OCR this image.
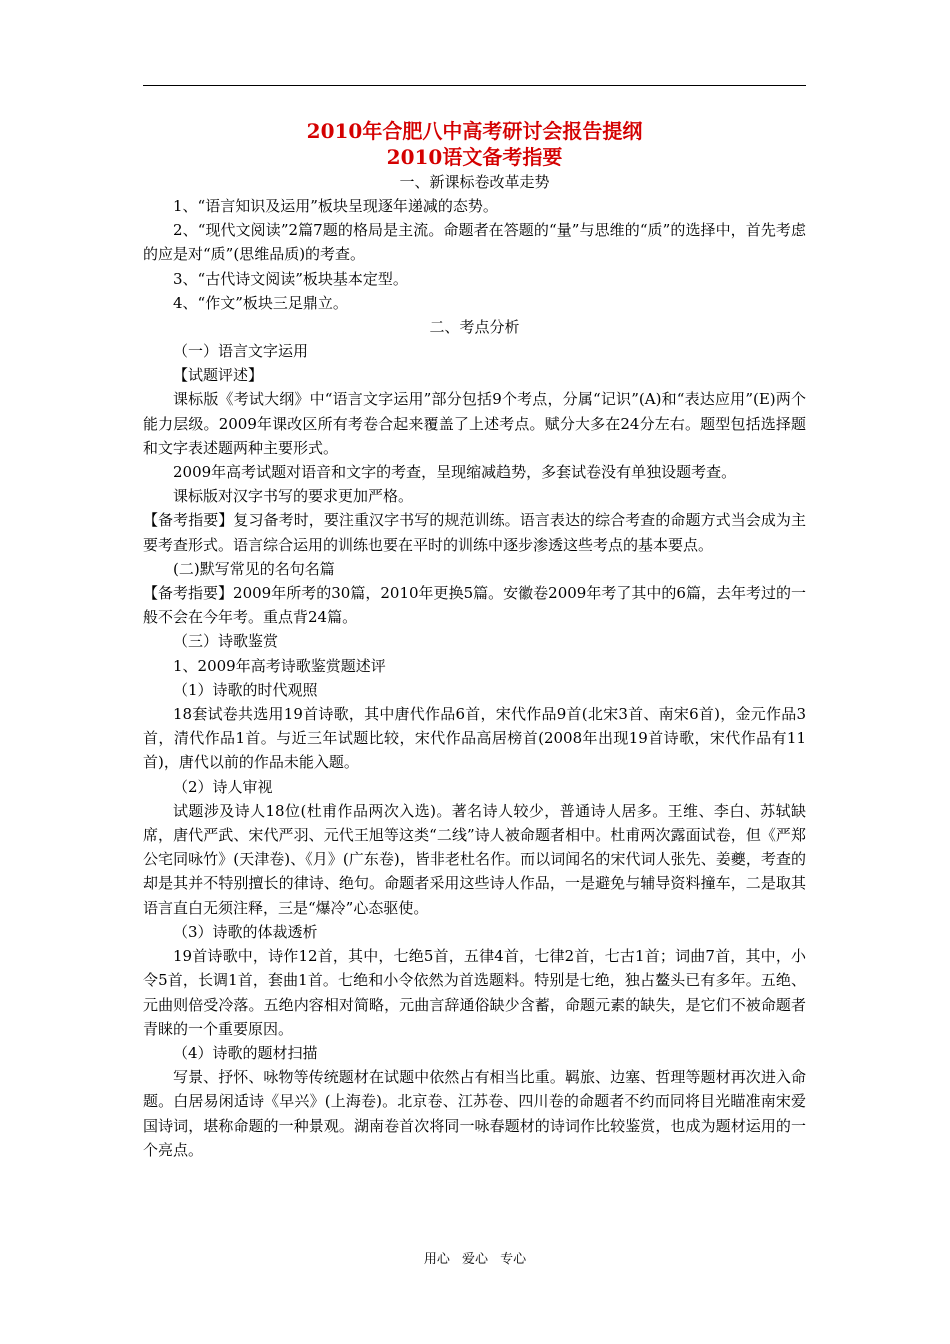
2010年合肥八中高考研讨会报告提纲

2010语文备考指要

一、新课标卷改革走势

1、“语言知识及运用”板块呈现逐年递减的态势。

2、“现代文阅读”2篇7题的格局是主流。命题者在答题的“量”与思维的“质”的选择中，首先考虑的应是对“质”(思维品质)的考查。

3、“古代诗文阅读”板块基本定型。

4、“作文”板块三足鼎立。

二、考点分析

（一）语言文字运用

【试题评述】

课标版《考试大纲》中“语言文字运用”部分包括9个考点，分属“记识”(A)和“表达应用”(E)两个能力层级。2009年课改区所有考卷合起来覆盖了上述考点。赋分大多在24分左右。题型包括选择题和文字表述题两种主要形式。

2009年高考试题对语音和文字的考查，呈现缩减趋势，多套试卷没有单独设题考查。

课标版对汉字书写的要求更加严格。

【备考指要】复习备考时，要注重汉字书写的规范训练。语言表达的综合考查的命题方式当会成为主要考查形式。语言综合运用的训练也要在平时的训练中逐步渗透这些考点的基本要点。

(二)默写常见的名句名篇

【备考指要】2009年所考的30篇，2010年更换5篇。安徽卷2009年考了其中的6篇，去年考过的一般不会在今年考。重点背24篇。

（三）诗歌鉴赏

1、2009年高考诗歌鉴赏题述评

（1）诗歌的时代观照

18套试卷共选用19首诗歌，其中唐代作品6首，宋代作品9首(北宋3首、南宋6首)，金元作品3首，清代作品1首。与近三年试题比较，宋代作品高居榜首(2008年出现19首诗歌，宋代作品有11首)，唐代以前的作品未能入题。

（2）诗人审视

试题涉及诗人18位(杜甫作品两次入选)。著名诗人较少，普通诗人居多。王维、李白、苏轼缺席，唐代严武、宋代严羽、元代王旭等这类“二线”诗人被命题者相中。杜甫两次露面试卷，但《严郑公宅同咏竹》(天津卷)、《月》(广东卷)，皆非老杜名作。而以词闻名的宋代词人张先、姜夔，考查的却是其并不特别擅长的律诗、绝句。命题者采用这些诗人作品，一是避免与辅导资料撞车，二是取其语言直白无须注释，三是“爆冷”心态驱使。

（3）诗歌的体裁透析

19首诗歌中，诗作12首，其中，七绝5首，五律4首，七律2首，七古1首；词曲7首，其中，小令5首，长调1首，套曲1首。七绝和小令依然为首选题料。特别是七绝，独占鳌头已有多年。五绝、元曲则倍受冷落。五绝内容相对简略，元曲言辞通俗缺少含蓄，命题元素的缺失，是它们不被命题者青睐的一个重要原因。

（4）诗歌的题材扫描

写景、抒怀、咏物等传统题材在试题中依然占有相当比重。羁旅、边塞、哲理等题材再次进入命题。白居易闲适诗《早兴》(上海卷)。北京卷、江苏卷、四川卷的命题者不约而同将目光瞄准南宋爱国诗词，堪称命题的一种景观。湖南卷首次将同一咏春题材的诗词作比较鉴赏，也成为题材运用的一个亮点。

用心 爱心 专心
